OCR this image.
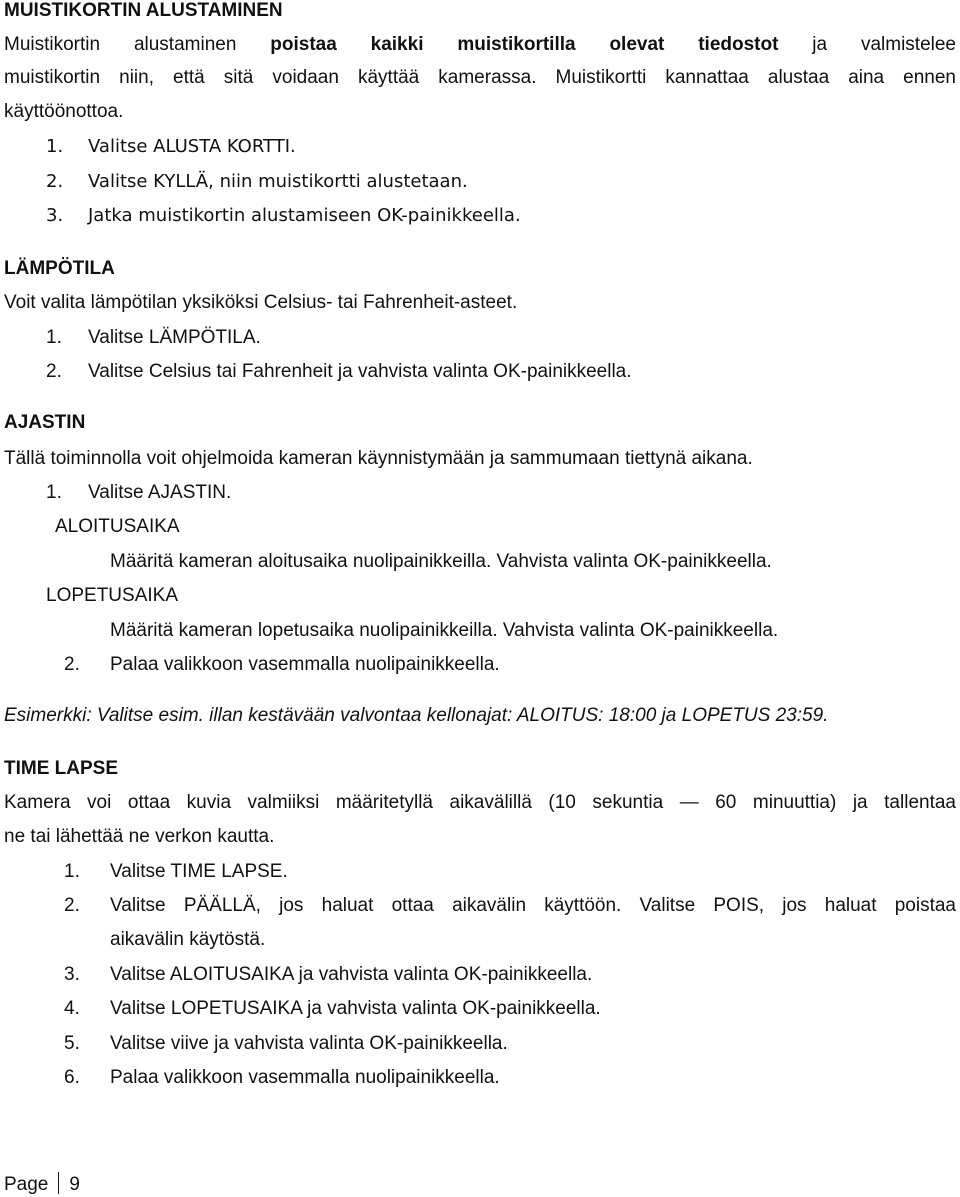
MUISTIKORTIN ALUSTAMINEN
Muistikortin alustaminen poistaa kaikki muistikortilla olevat tiedostot ja valmistelee
muistikortin niin, että sitä voidaan käyttää kamerassa. Muistikortti kannattaa alustaa aina ennen
käyttöönottoa.
1. Valitse ALUSTA KORTTI.
2. Valitse KYLLÄ, niin muistikortti alustetaan.
3. Jatka muistikortin alustamiseen OK-painikkeella.
LÄMPÖTILA
Voit valita lämpötilan yksiköksi Celsius- tai Fahrenheit-asteet.
1. Valitse LÄMPÖTILA.
2. Valitse Celsius tai Fahrenheit ja vahvista valinta OK-painikkeella.
AJASTIN
Tällä toiminnolla voit ohjelmoida kameran käynnistymään ja sammumaan tiettynä aikana.
1. Valitse AJASTIN.
ALOITUSAIKA
Määritä kameran aloitusaika nuolipainikkeilla. Vahvista valinta OK-painikkeella.
LOPETUSAIKA
Määritä kameran lopetusaika nuolipainikkeilla. Vahvista valinta OK-painikkeella.
2. Palaa valikkoon vasemmalla nuolipainikkeella.
Esimerkki: Valitse esim. illan kestävään valvontaa kellonajat: ALOITUS: 18:00 ja LOPETUS 23:59.
TIME LAPSE
Kamera voi ottaa kuvia valmiiksi määritetyllä aikavälillä (10 sekuntia — 60 minuuttia) ja tallentaa
ne tai lähettää ne verkon kautta.
1. Valitse TIME LAPSE.
2. Valitse PÄÄLLÄ, jos haluat ottaa aikavälin käyttöön. Valitse POIS, jos haluat poistaa
aikavälin käytöstä.
3. Valitse ALOITUSAIKA ja vahvista valinta OK-painikkeella.
4. Valitse LOPETUSAIKA ja vahvista valinta OK-painikkeella.
5. Valitse viive ja vahvista valinta OK-painikkeella.
6. Palaa valikkoon vasemmalla nuolipainikkeella.
Page 9
